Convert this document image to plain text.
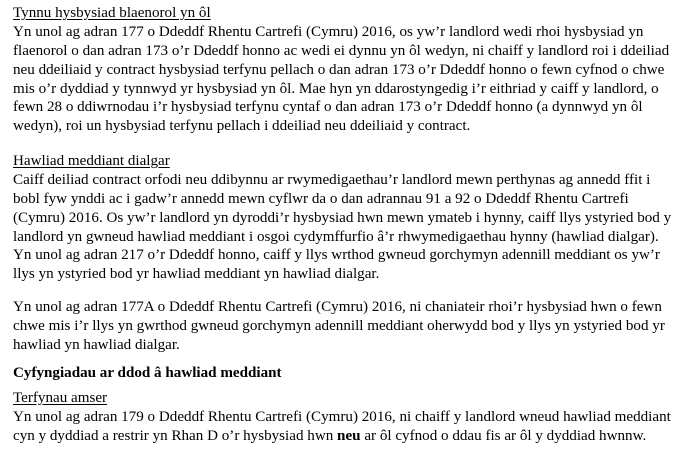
Tynnu hysbysiad blaenorol yn ôl
Yn unol ag adran 177 o Ddeddf Rhentu Cartrefi (Cymru) 2016, os yw’r landlord wedi rhoi hysbysiad yn
flaenorol o dan adran 173 o’r Ddeddf honno ac wedi ei dynnu yn ôl wedyn, ni chaiff y landlord roi i ddeiliad
neu ddeiliaid y contract hysbysiad terfynu pellach o dan adran 173 o’r Ddeddf honno o fewn cyfnod o chwe
mis o’r dyddiad y tynnwyd yr hysbysiad yn ôl. Mae hyn yn ddarostyngedig i’r eithriad y caiff y landlord, o
fewn 28 o ddiwrnodau i’r hysbysiad terfynu cyntaf o dan adran 173 o’r Ddeddf honno (a dynnwyd yn ôl
wedyn), roi un hysbysiad terfynu pellach i ddeiliad neu ddeiliaid y contract.
Hawliad meddiant dialgar
Caiff deiliad contract orfodi neu ddibynnu ar rwymedigaethau’r landlord mewn perthynas ag annedd ffit i
bobl fyw ynddi ac i gadw’r annedd mewn cyflwr da o dan adrannau 91 a 92 o Ddeddf Rhentu Cartrefi
(Cymru) 2016. Os yw’r landlord yn dyroddi’r hysbysiad hwn mewn ymateb i hynny, caiff llys ystyried bod y
landlord yn gwneud hawliad meddiant i osgoi cydymffurfio â’r rhwymedigaethau hynny (hawliad dialgar).
Yn unol ag adran 217 o’r Ddeddf honno, caiff y llys wrthod gwneud gorchymyn adennill meddiant os yw’r
llys yn ystyried bod yr hawliad meddiant yn hawliad dialgar.
Yn unol ag adran 177A o Ddeddf Rhentu Cartrefi (Cymru) 2016, ni chaniateir rhoi’r hysbysiad hwn o fewn
chwe mis i’r llys yn gwrthod gwneud gorchymyn adennill meddiant oherwydd bod y llys yn ystyried bod yr
hawliad yn hawliad dialgar.
Cyfyngiadau ar ddod â hawliad meddiant
Terfynau amser
Yn unol ag adran 179 o Ddeddf Rhentu Cartrefi (Cymru) 2016, ni chaiff y landlord wneud hawliad meddiant
cyn y dyddiad a restrir yn Rhan D o’r hysbysiad hwn neu ar ôl cyfnod o ddau fis ar ôl y dyddiad hwnnw.
